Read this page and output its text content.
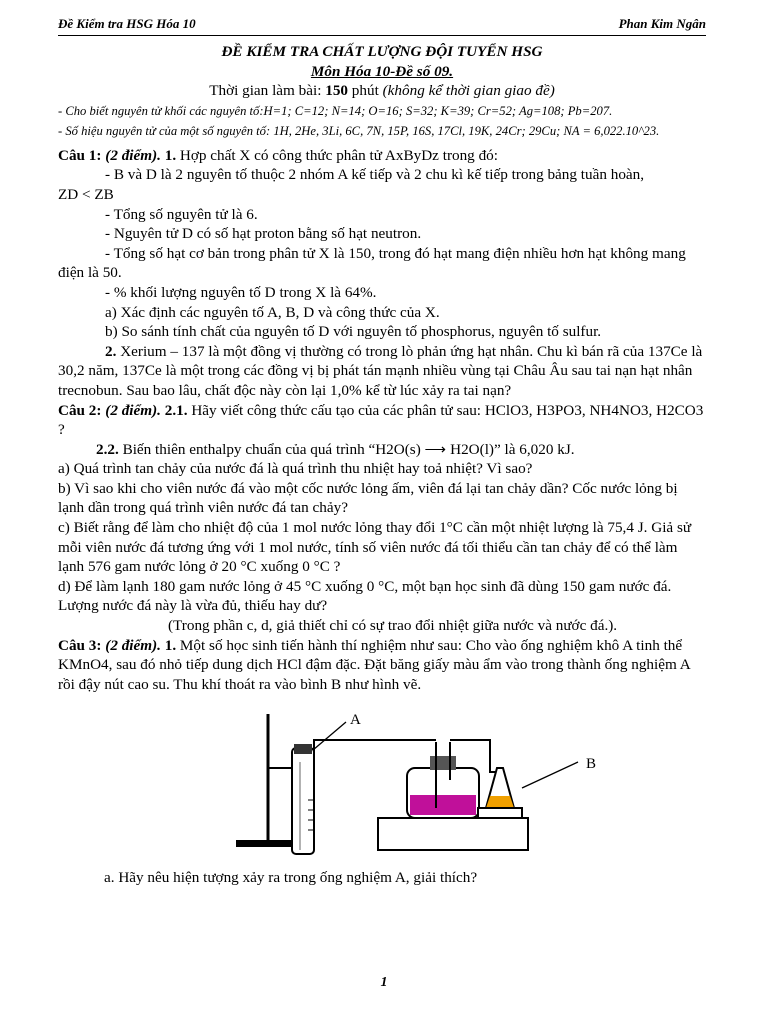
Đề Kiểm tra HSG Hóa 10	Phan Kim Ngân

ĐỀ KIỂM TRA CHẤT LƯỢNG ĐỘI TUYỂN HSG

Môn Hóa 10-Đề số 09.

Thời gian làm bài: 150 phút (không kể thời gian giao đề)

- Cho biết nguyên tử khối các nguyên tố:H=1; C=12; N=14; O=16; S=32; K=39; Cr=52; Ag=108; Pb=207.

- Số hiệu nguyên tử của một số nguyên tố: 1H, 2He, 3Li, 6C, 7N, 15P, 16S, 17Cl, 19K, 24Cr; 29Cu; NA = 6,022.10^23.

Câu 1: (2 điểm). 1. Hợp chất X có công thức phân tử AxByDz trong đó:

- B và D là 2 nguyên tố thuộc 2 nhóm A kế tiếp và 2 chu kì kế tiếp trong bảng tuần hoàn,

ZD < ZB

- Tổng số nguyên tử là 6.

- Nguyên tử D có số hạt proton bằng số hạt neutron.

- Tổng số hạt cơ bản trong phân tử X là 150, trong đó hạt mang điện nhiều hơn hạt không mang điện là 50.

- % khối lượng nguyên tố D trong X là 64%.

a) Xác định các nguyên tố A, B, D và công thức của X.

b) So sánh tính chất của nguyên tố D với nguyên tố phosphorus, nguyên tố sulfur.

2. Xerium – 137 là một đồng vị thường có trong lò phản ứng hạt nhân. Chu kì bán rã của 137Ce là 30,2 năm, 137Ce là một trong các đồng vị bị phát tán mạnh nhiều vùng tại Châu Âu sau tai nạn hạt nhân trecnobun. Sau bao lâu, chất độc này còn lại 1,0% kể từ lúc xảy ra tai nạn?

Câu 2: (2 điểm). 2.1. Hãy viết công thức cấu tạo của các phân tử sau: HClO3, H3PO3, NH4NO3, H2CO3 ?

2.2. Biến thiên enthalpy chuẩn của quá trình “H2O(s) ⟶ H2O(l)” là 6,020 kJ.

a) Quá trình tan chảy của nước đá là quá trình thu nhiệt hay toả nhiệt? Vì sao?

b) Vì sao khi cho viên nước đá vào một cốc nước lỏng ấm, viên đá lại tan chảy dần? Cốc nước lỏng bị lạnh dần trong quá trình viên nước đá tan chảy?

c) Biết rằng để làm cho nhiệt độ của 1 mol nước lỏng thay đổi 1°C cần một nhiệt lượng là 75,4 J. Giả sử mỗi viên nước đá tương ứng với 1 mol nước, tính số viên nước đá tối thiểu cần tan chảy để có thể làm lạnh 576 gam nước lỏng ở 20 °C xuống 0 °C ?

d) Để làm lạnh 180 gam nước lỏng ở 45 °C xuống 0 °C, một bạn học sinh đã dùng 150 gam nước đá. Lượng nước đá này là vừa đủ, thiếu hay dư?

(Trong phần c, d, giả thiết chỉ có sự trao đổi nhiệt giữa nước và nước đá.).

Câu 3: (2 điểm). 1. Một số học sinh tiến hành thí nghiệm như sau: Cho vào ống nghiệm khô A tinh thể KMnO4, sau đó nhỏ tiếp dung dịch HCl đậm đặc. Đặt băng giấy màu ẩm vào trong thành ống nghiệm A rồi đậy nút cao su. Thu khí thoát ra vào bình B như hình vẽ.

A
B

a. Hãy nêu hiện tượng xảy ra trong ống nghiệm A, giải thích?

1
